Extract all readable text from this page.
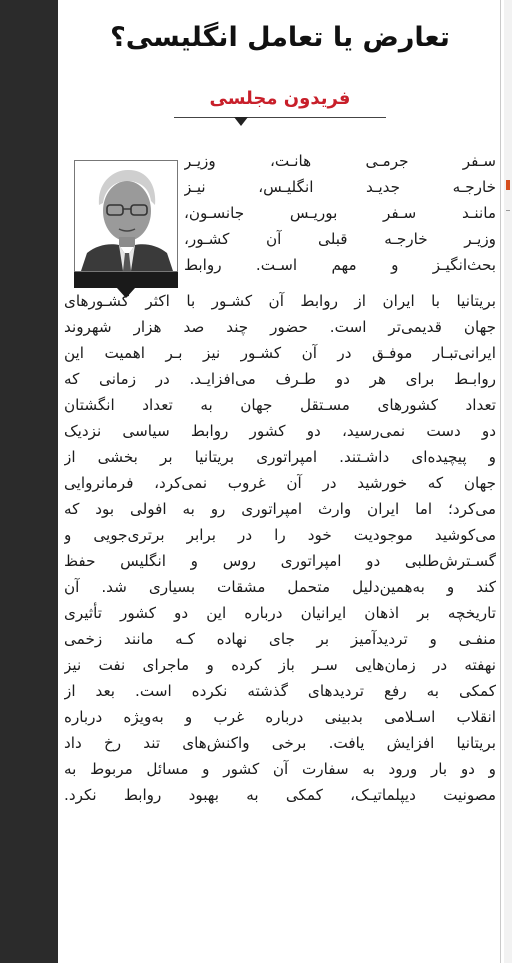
تعارض یا تعامل انگلیسی؟
فریدون مجلسی
سـفر جرمـی هانـت، وزیـر
خارجـه جدیـد انگلیـس، نیـز
ماننـد سـفر بوریـس جانسـون،
وزیـر خارجـه قبلی آن کشـور،
بحث‌انگیـز و مهم اسـت. روابط
بریتانیا با ایران از روابط آن کشـور با اکثر کشـورهای
جهان قدیمی‌تر است. حضور چند صد هزار شهروند
ایرانی‌تبـار موفـق در آن کشـور نیز بـر اهمیت این
روابـط برای هر دو طـرف می‌افزایـد. در زمانی که
تعداد کشورهای مسـتقل جهان به تعداد انگشتان
دو دست نمی‌رسید، دو کشور روابط سیاسی نزدیک
و پیچیده‌ای داشـتند. امپراتوری بریتانیا بر بخشی از
جهان که خورشید در آن غروب نمی‌کرد، فرمانروایی
می‌کرد؛ اما ایران وارث امپراتوری رو به افولی بود که
می‌کوشید موجودیت خود را در برابر برتری‌جویی و
گسـترش‌طلبی دو امپراتوری روس و انگلیس حفظ
کند و به‌همین‌دلیل متحمل مشقات بسیاری شد. آن
تاریخچه بر اذهان ایرانیان درباره این دو کشور تأثیری
منفـی و تردیدآمیز بر جای نهاده کـه مانند زخمی
نهفته در زمان‌هایی سـر باز کرده و ماجرای نفت نیز
کمکی به رفع تردیدهای گذشته نکرده است. بعد از
انقلاب اسـلامی بدبینی درباره غرب و به‌ویژه درباره
بریتانیا افزایش یافت. برخی واکنش‌های تند رخ داد
و دو بار ورود به سفارت آن کشور و مسائل مربوط به
مصونیت دیپلماتیـک، کمکی به بهبود روابط نکرد.
